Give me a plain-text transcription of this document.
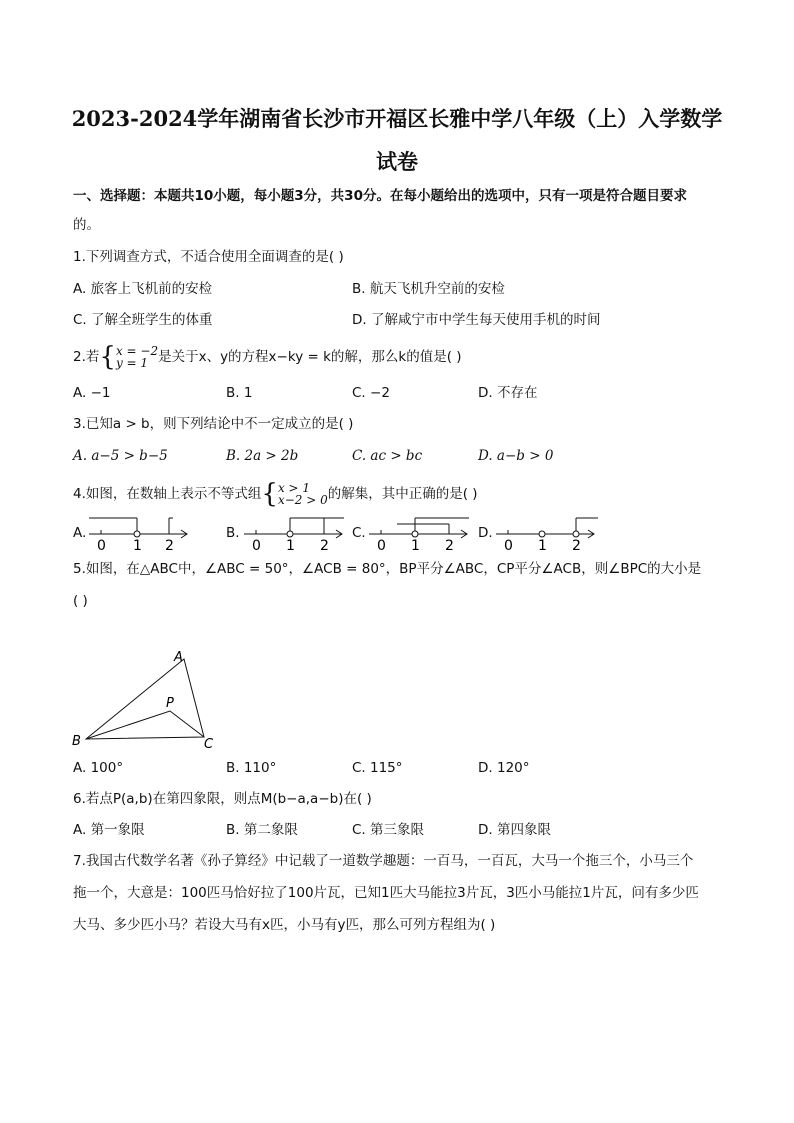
2023-2024学年湖南省长沙市开福区长雅中学八年级（上）入学数学
试卷
一、选择题：本题共10小题，每小题3分，共30分。在每小题给出的选项中，只有一项是符合题目要求
的。
1.下列调查方式，不适合使用全面调查的是( )
A. 旅客上飞机前的安检	B. 航天飞机升空前的安检
C. 了解全班学生的体重	D. 了解咸宁市中学生每天使用手机的时间
2.若{x = −2
y = 1 是关于x、y的方程x−ky = k的解，那么k的值是( )
A. −1	B. 1	C. −2	D. 不存在
3.已知a > b，则下列结论中不一定成立的是( )
A. a−5 > b−5	B. 2a > 2b	C. ac > bc	D. a−b > 0
4.如图，在数轴上表示不等式组{x > 1
x−2 > 0的解集，其中正确的是( )
A.
0 1 2
B.
0 1 2
C.
0 1 2
D.
0 1 2
5.如图，在△ABC中，∠ABC = 50°，∠ACB = 80°，BP平分∠ABC，CP平分∠ACB，则∠BPC的大小是
( )
A
B	C
P
A. 100°	B. 110°	C. 115°	D. 120°
6.若点P(a,b)在第四象限，则点M(b−a,a−b)在( )
A. 第一象限	B. 第二象限	C. 第三象限	D. 第四象限
7.我国古代数学名著《孙子算经》中记载了一道数学趣题：一百马，一百瓦，大马一个拖三个，小马三个
拖一个，大意是：100匹马恰好拉了100片瓦，已知1匹大马能拉3片瓦，3匹小马能拉1片瓦，问有多少匹
大马、多少匹小马？若设大马有x匹，小马有y匹，那么可列方程组为( )
